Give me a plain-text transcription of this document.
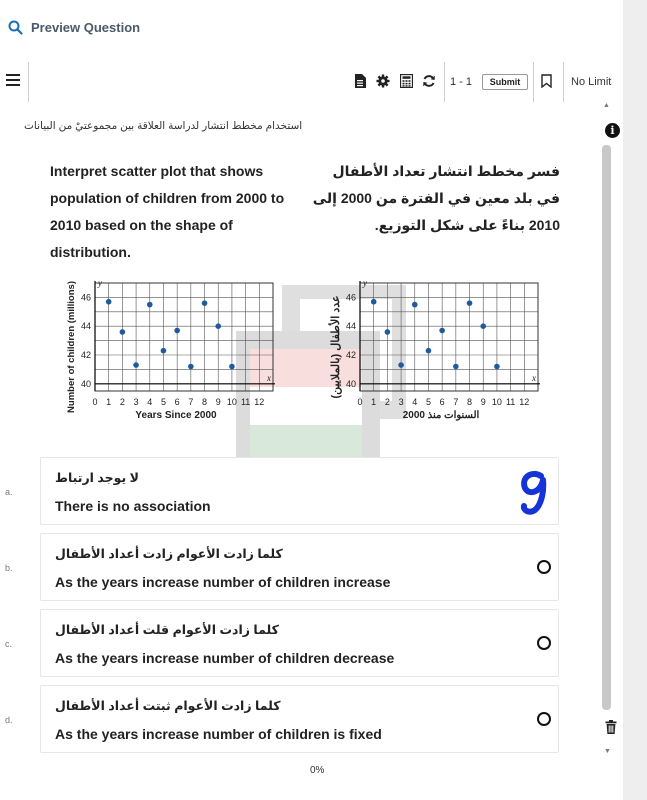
Preview Question
1 - 1	Submit	No Limit
استخدام مخطط انتشار لدراسة العلاقة بين مجموعتيْ من البيانات	i
▲
▼
Interpret scatter plot that shows population of children from 2000 to 2010 based on the shape of distribution.
فسر مخطط انتشار تعداد الأطفال في بلد معين في الفترة من 2000 إلى 2010 بناءً على شكل التوزيع.
0 1 2 3 4 5 6 7 8 9 10 11 12
40
42
44
46
y
x
Years Since 2000
Number of children (millions)	0 1 2 3 4 5 6 7 8 9 10 11 12
40
42
44
46
y
x
السنوات منذ 2000
عدد الأطفال (بالملايين)
a.
لا يوجد ارتباط
There is no association
b.
كلما زادت الأعوام زادت أعداد الأطفال
As the years increase number of children increase
c.
كلما زادت الأعوام قلت أعداد الأطفال
As the years increase number of children decrease
d.
كلما زادت الأعوام ثبتت أعداد الأطفال
As the years increase number of children is fixed
0%
